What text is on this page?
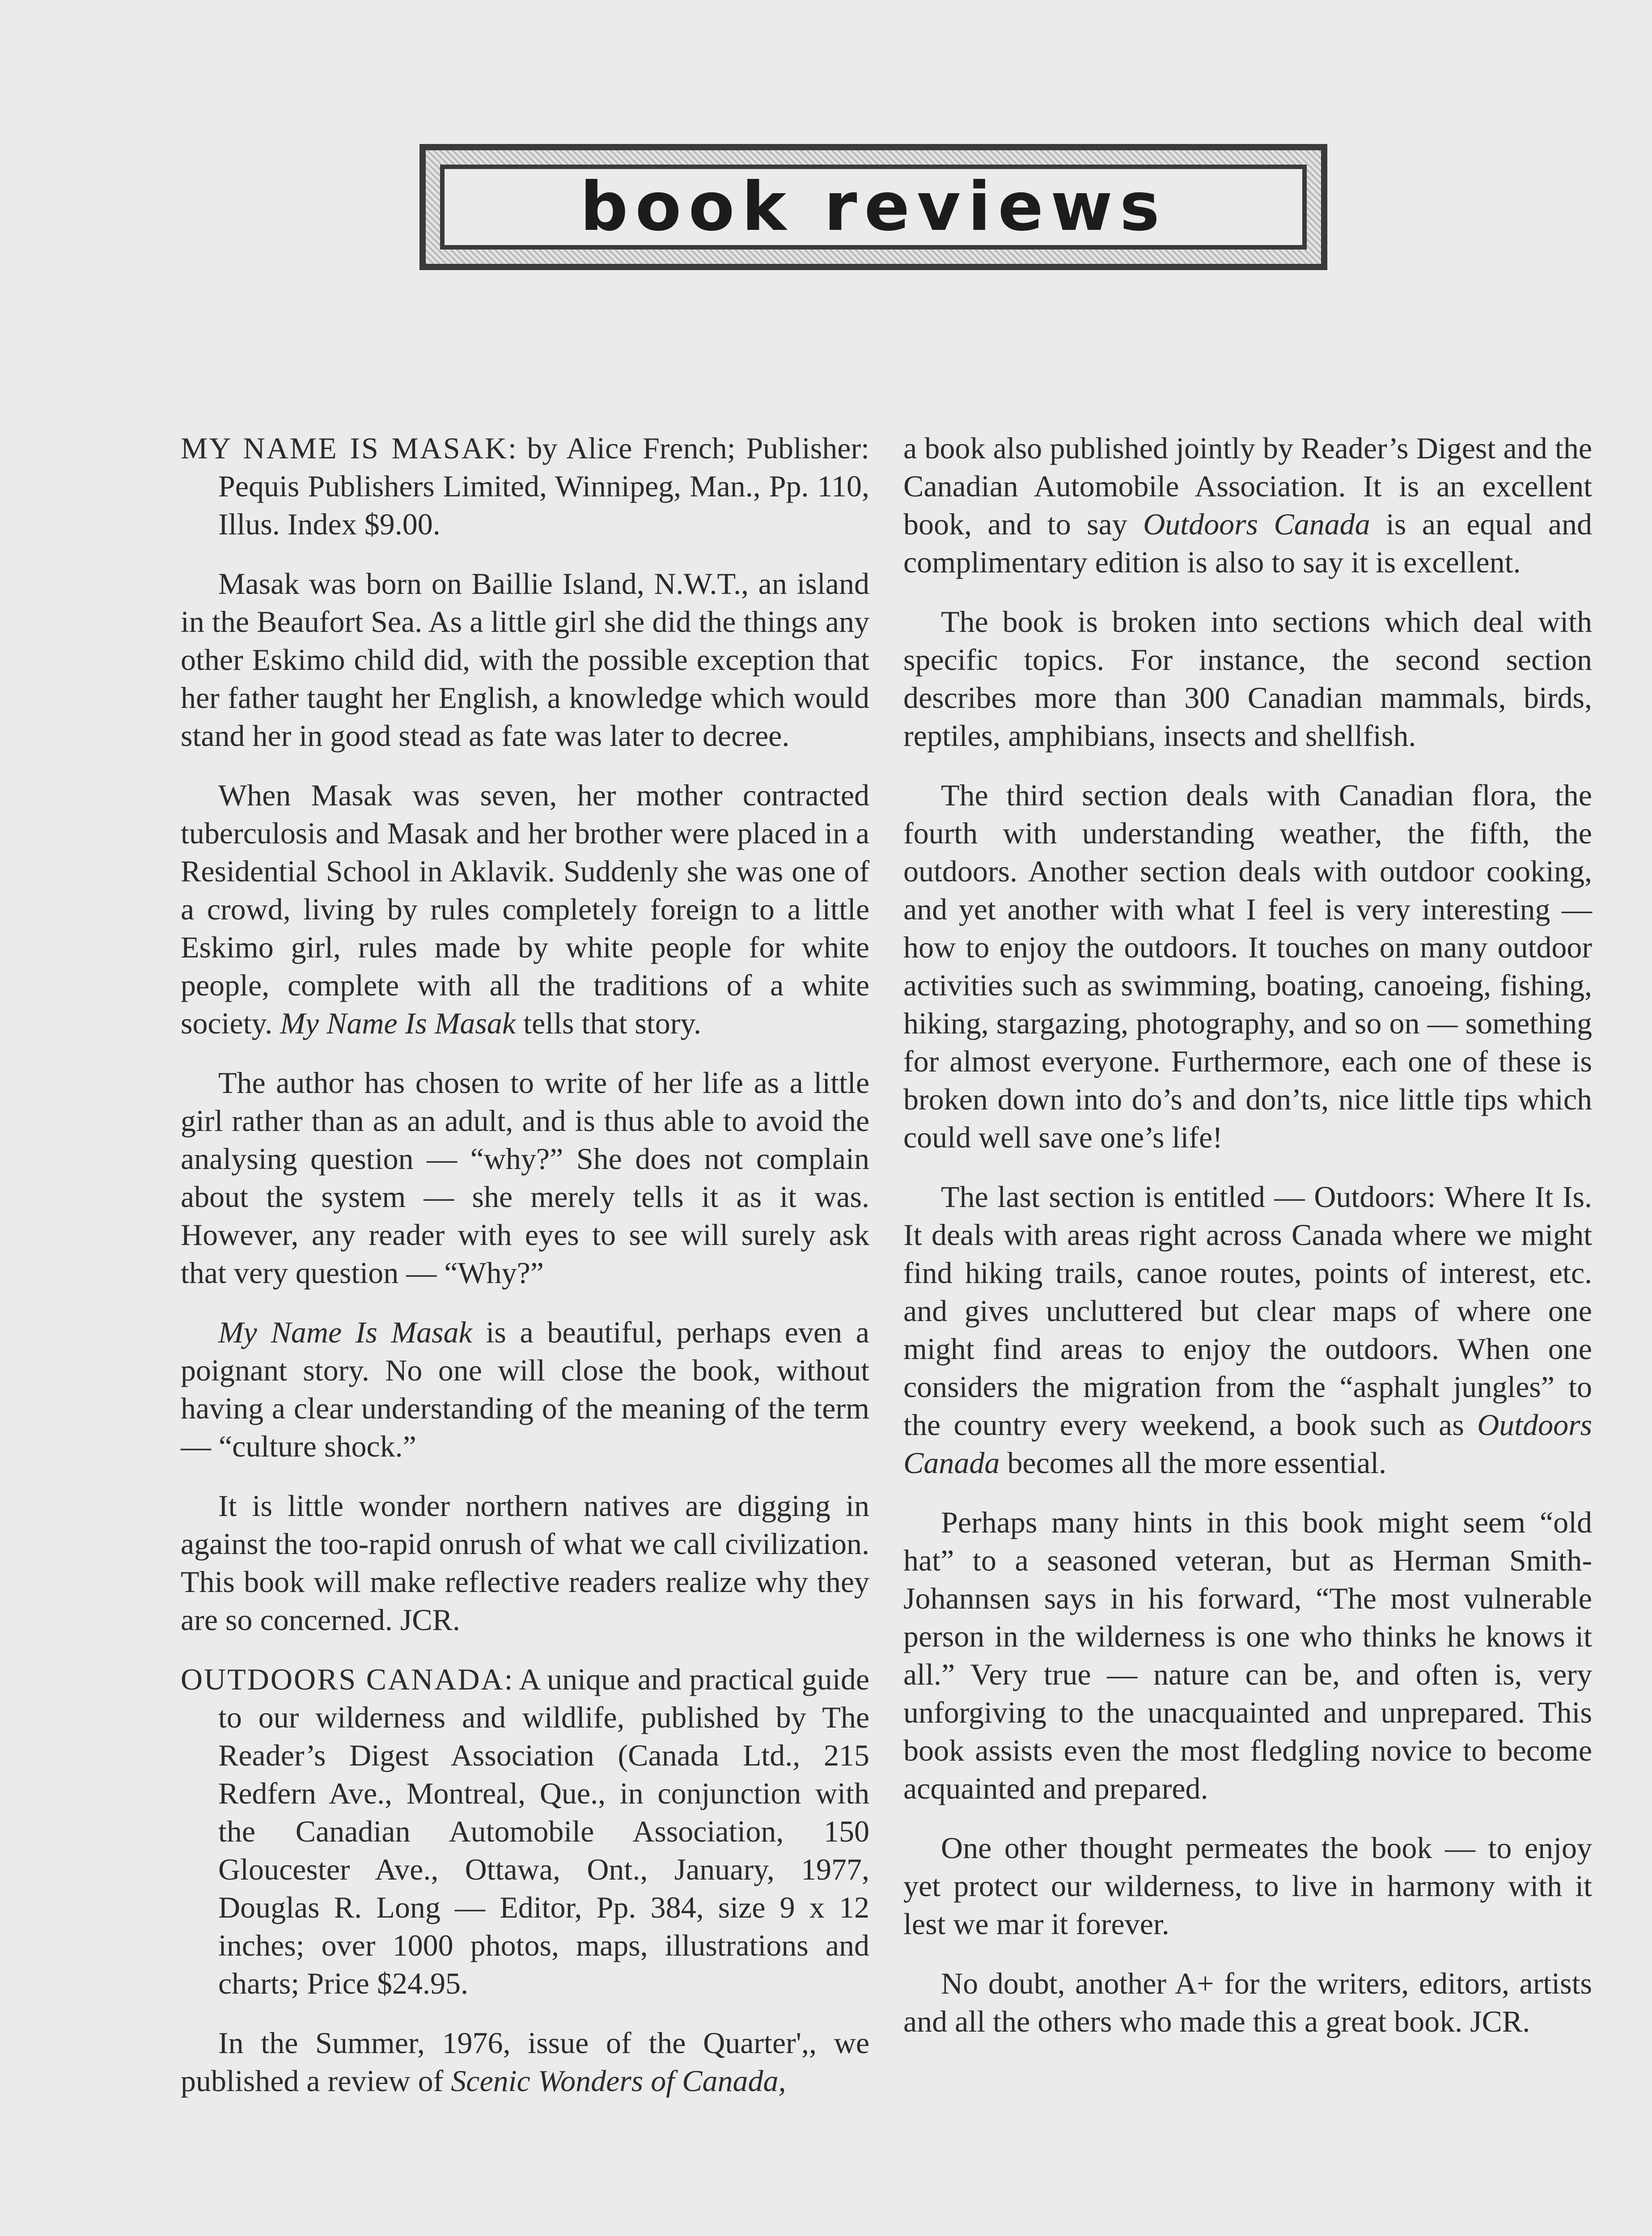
book reviews

MY NAME IS MASAK: by Alice French; Publisher: Pequis Publishers Limited, Winnipeg, Man., Pp. 110, Illus. Index $9.00.

Masak was born on Baillie Island, N.W.T., an island in the Beaufort Sea. As a little girl she did the things any other Eskimo child did, with the possible exception that her father taught her English, a knowledge which would stand her in good stead as fate was later to decree.

When Masak was seven, her mother contracted tuberculosis and Masak and her brother were placed in a Residential School in Aklavik. Suddenly she was one of a crowd, living by rules completely foreign to a little Eskimo girl, rules made by white people for white people, complete with all the traditions of a white society. My Name Is Masak tells that story.

The author has chosen to write of her life as a little girl rather than as an adult, and is thus able to avoid the analysing question — “why?” She does not complain about the system — she merely tells it as it was. However, any reader with eyes to see will surely ask that very question — “Why?”

My Name Is Masak is a beautiful, perhaps even a poignant story. No one will close the book, without having a clear understanding of the meaning of the term — “culture shock.”

It is little wonder northern natives are digging in against the too-rapid onrush of what we call civilization. This book will make reflective readers realize why they are so concerned. JCR.

OUTDOORS CANADA: A unique and practical guide to our wilderness and wildlife, published by The Reader’s Digest Association (Canada Ltd., 215 Redfern Ave., Montreal, Que., in conjunction with the Canadian Automobile Association, 150 Gloucester Ave., Ottawa, Ont., January, 1977, Douglas R. Long — Editor, Pp. 384, size 9 x 12 inches; over 1000 photos, maps, illustrations and charts; Price $24.95.

In the Summer, 1976, issue of the Quarter',, we published a review of Scenic Wonders of Canada,

a book also published jointly by Reader’s Digest and the Canadian Automobile Association. It is an excellent book, and to say Outdoors Canada is an equal and complimentary edition is also to say it is excellent.

The book is broken into sections which deal with specific topics. For instance, the second section describes more than 300 Canadian mammals, birds, reptiles, amphibians, insects and shellfish.

The third section deals with Canadian flora, the fourth with understanding weather, the fifth, the outdoors. Another section deals with outdoor cooking, and yet another with what I feel is very interesting — how to enjoy the outdoors. It touches on many outdoor activities such as swimming, boating, canoeing, fishing, hiking, stargazing, photography, and so on — something for almost everyone. Furthermore, each one of these is broken down into do’s and don’ts, nice little tips which could well save one’s life!

The last section is entitled — Outdoors: Where It Is. It deals with areas right across Canada where we might find hiking trails, canoe routes, points of interest, etc. and gives uncluttered but clear maps of where one might find areas to enjoy the outdoors. When one considers the migration from the “asphalt jungles” to the country every weekend, a book such as Outdoors Canada becomes all the more essential.

Perhaps many hints in this book might seem “old hat” to a seasoned veteran, but as Herman Smith-Johannsen says in his forward, “The most vulnerable person in the wilderness is one who thinks he knows it all.” Very true — nature can be, and often is, very unforgiving to the unacquainted and unprepared. This book assists even the most fledgling novice to become acquainted and prepared.

One other thought permeates the book — to enjoy yet protect our wilderness, to live in harmony with it lest we mar it forever.

No doubt, another A+ for the writers, editors, artists and all the others who made this a great book. JCR.
